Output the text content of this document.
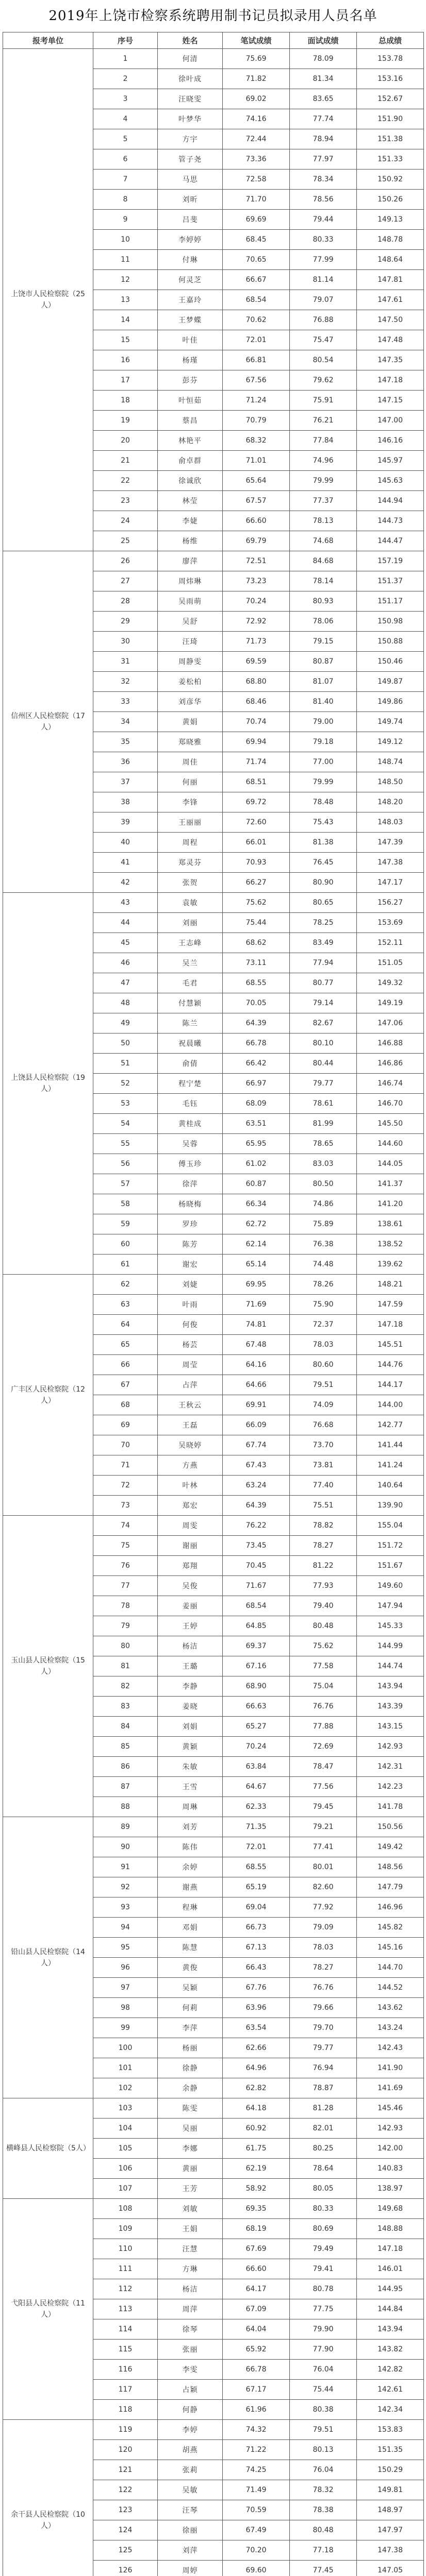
2019年上饶市检察系统聘用制书记员拟录用人员名单
报考单位	序号	姓名	笔试成绩	面试成绩	总成绩
上饶市人民检察院（25人）	1	何清	75.69	78.09	153.78
	2	徐叶成	71.82	81.34	153.16
	3	汪晓雯	69.02	83.65	152.67
	4	叶梦华	74.16	77.74	151.90
	5	方宇	72.44	78.94	151.38
	6	管子尧	73.36	77.97	151.33
	7	马思	72.58	78.34	150.92
	8	刘昕	71.70	78.56	150.26
	9	吕斐	69.69	79.44	149.13
	10	李婷婷	68.45	80.33	148.78
	11	付琳	70.65	77.99	148.64
	12	何灵芝	66.67	81.14	147.81
	13	王嘉玲	68.54	79.07	147.61
	14	王梦蝶	70.62	76.88	147.50
	15	叶佳	72.01	75.47	147.48
	16	杨瑾	66.81	80.54	147.35
	17	彭芬	67.56	79.62	147.18
	18	叶恒茹	71.24	75.91	147.15
	19	蔡昌	70.79	76.21	147.00
	20	林艳平	68.32	77.84	146.16
	21	俞卓群	71.01	74.96	145.97
	22	徐诚欣	65.64	79.99	145.63
	23	林莹	67.57	77.37	144.94
	24	李婕	66.60	78.13	144.73
	25	杨维	69.79	74.68	144.47
信州区人民检察院（17人）	26	廖萍	72.51	84.68	157.19
	27	周炜琳	73.23	78.14	151.37
	28	吴雨萌	70.24	80.93	151.17
	29	吴舒	72.92	78.06	150.98
	30	汪琦	71.73	79.15	150.88
	31	周静雯	69.59	80.87	150.46
	32	姜松柏	68.80	81.07	149.87
	33	刘彦华	68.46	81.40	149.86
	34	黄娟	70.74	79.00	149.74
	35	郑晓雅	69.94	79.18	149.12
	36	周佳	71.74	77.00	148.74
	37	何丽	68.51	79.99	148.50
	38	李锋	69.72	78.48	148.20
	39	王丽丽	72.60	75.43	148.03
	40	周程	66.01	81.38	147.39
	41	郑灵芬	70.93	76.45	147.38
	42	张贺	66.27	80.90	147.17
上饶县人民检察院（19人）	43	袁敏	75.62	80.65	156.27
	44	刘丽	75.44	78.25	153.69
	45	王志峰	68.62	83.49	152.11
	46	吴兰	73.11	77.94	151.05
	47	毛君	68.55	80.77	149.32
	48	付慧颖	70.05	79.14	149.19
	49	陈兰	64.39	82.67	147.06
	50	祝晨曦	66.78	80.10	146.88
	51	俞倩	66.42	80.44	146.86
	52	程宁楚	66.97	79.77	146.74
	53	毛钰	68.09	78.61	146.70
	54	黄桂成	63.51	81.99	145.50
	55	吴蓉	65.95	78.65	144.60
	56	傅玉珍	61.02	83.03	144.05
	57	徐萍	60.87	80.50	141.37
	58	杨晓梅	66.34	74.86	141.20
	59	罗珍	62.72	75.89	138.61
	60	陈芳	62.14	76.38	138.52
	61	谢宏	65.14	74.48	139.62
广丰区人民检察院（12人）	62	刘婕	69.95	78.26	148.21
	63	叶雨	71.69	75.90	147.59
	64	何俊	74.81	72.37	147.18
	65	杨芸	67.48	78.03	145.51
	66	周莹	64.16	80.60	144.76
	67	占萍	64.66	79.51	144.17
	68	王秋云	69.91	74.09	144.00
	69	王磊	66.09	76.68	142.77
	70	吴晓婷	67.74	73.70	141.44
	71	方燕	67.43	73.81	141.24
	72	叶林	63.24	77.40	140.64
	73	郑宏	64.39	75.51	139.90
玉山县人民检察院（15人）	74	周雯	76.22	78.82	155.04
	75	谢丽	73.45	78.27	151.72
	76	郑翔	70.45	81.22	151.67
	77	吴俊	71.67	77.93	149.60
	78	姜丽	68.54	79.40	147.94
	79	王婷	64.85	80.48	145.33
	80	杨洁	69.37	75.62	144.99
	81	王璐	67.16	77.58	144.74
	82	李静	68.90	75.04	143.94
	83	姜晓	66.63	76.76	143.39
	84	刘娟	65.27	77.88	143.15
	85	黄颖	70.24	72.69	142.93
	86	朱敏	63.84	78.47	142.31
	87	王雪	64.67	77.56	142.23
	88	周琳	62.33	79.45	141.78
铅山县人民检察院（14人）	89	刘芳	71.35	79.21	150.56
	90	陈伟	72.01	77.41	149.42
	91	余婷	68.55	80.01	148.56
	92	谢燕	65.19	82.60	147.79
	93	程琳	69.04	77.92	146.96
	94	邓娟	66.73	79.09	145.82
	95	陈慧	67.13	78.03	145.16
	96	黄俊	66.43	78.27	144.70
	97	吴颖	67.76	76.76	144.52
	98	何莉	63.96	79.66	143.62
	99	李萍	63.54	79.70	143.24
	100	杨丽	62.66	79.77	142.43
	101	徐静	64.96	76.94	141.90
	102	余静	62.82	78.87	141.69
横峰县人民检察院（5人）	103	陈雯	64.18	81.28	145.46
	104	吴丽	60.92	82.01	142.93
	105	李娜	61.75	80.25	142.00
	106	黄丽	62.19	78.64	140.83
	107	王芳	58.92	80.05	138.97
弋阳县人民检察院（11人）	108	刘敏	69.35	80.33	149.68
	109	王娟	68.19	80.69	148.88
	110	汪慧	67.69	79.49	147.18
	111	方琳	66.60	79.41	146.01
	112	杨洁	64.17	80.78	144.95
	113	周萍	67.09	77.75	144.84
	114	徐琴	64.04	79.90	143.94
	115	张丽	65.92	77.90	143.82
	116	李雯	66.78	76.04	142.82
	117	占颖	67.17	75.44	142.61
	118	何静	61.96	80.38	142.34
余干县人民检察院（10人）	119	李婷	74.32	79.51	153.83
	120	胡燕	71.22	80.13	151.35
	121	张莉	74.25	76.04	150.29
	122	吴敏	71.49	78.32	149.81
	123	汪琴	70.59	78.38	148.97
	124	徐丽	67.49	80.48	147.97
	125	刘萍	70.20	77.18	147.38
	126	周婷	69.60	77.45	147.05
